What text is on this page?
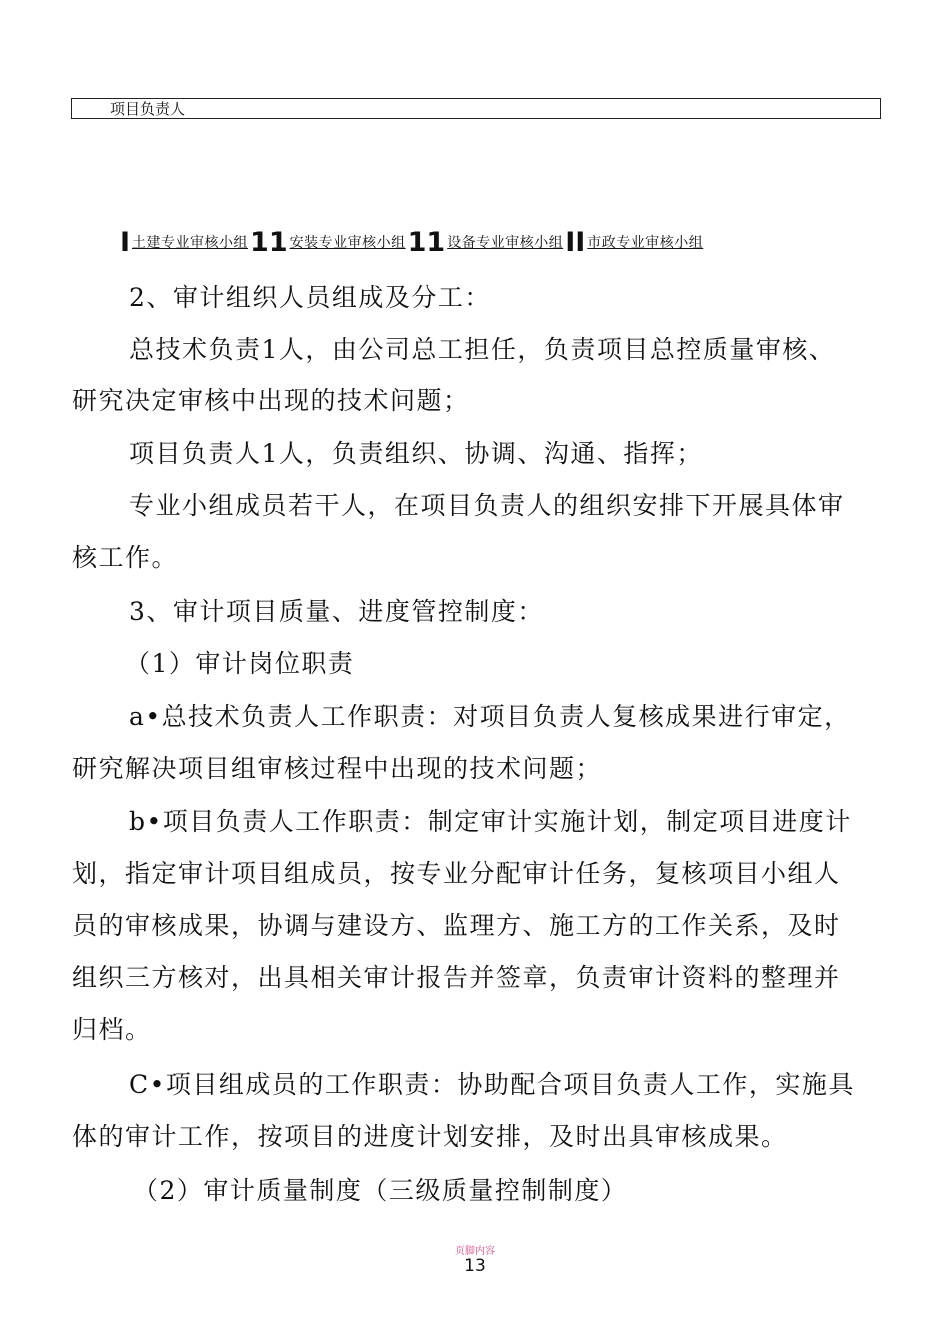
项目负责人
I土建专业审核小组11 安装专业审核小组11 设备专业审核小组II 市政专业审核小组
2、审计组织人员组成及分工：
总技术负责1人，由公司总工担任，负责项目总控质量审核、
研究决定审核中出现的技术问题；
项目负责人1人，负责组织、协调、沟通、指挥；
专业小组成员若干人，在项目负责人的组织安排下开展具体审
核工作。
3、审计项目质量、进度管控制度：
（1）审计岗位职责
a•总技术负责人工作职责：对项目负责人复核成果进行审定，
研究解决项目组审核过程中出现的技术问题；
b•项目负责人工作职责：制定审计实施计划，制定项目进度计
划，指定审计项目组成员，按专业分配审计任务，复核项目小组人
员的审核成果，协调与建设方、监理方、施工方的工作关系，及时
组织三方核对，出具相关审计报告并签章，负责审计资料的整理并
归档。
C•项目组成员的工作职责：协助配合项目负责人工作，实施具
体的审计工作，按项目的进度计划安排，及时出具审核成果。
（2）审计质量制度（三级质量控制制度）
页脚内容
13
